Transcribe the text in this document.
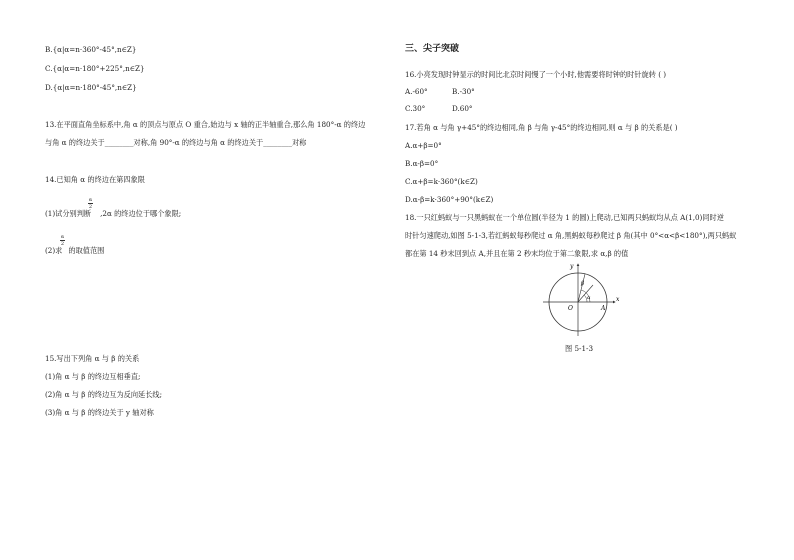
B.{α|α=n·360°-45°,n∈Z}
C.{α|α=n·180°+225°,n∈Z}
D.{α|α=n·180°-45°,n∈Z}
13.在平面直角坐标系中,角 α 的顶点与原点 O 重合,始边与 x 轴的正半轴重合,那么角 180°-α 的终边
与角 α 的终边关于________对称,角 90°-α 的终边与角 α 的终边关于________对称
14.已知角 α 的终边在第四象限
(1)试分别判断 ,2α 的终边位于哪个象限;
α
2
(2)求 的取值范围
α
2
15.写出下列角 α 与 β 的关系
(1)角 α 与 β 的终边互相垂直;
(2)角 α 与 β 的终边互为反向延长线;
(3)角 α 与 β 的终边关于 y 轴对称
三、尖子突破
16.小亮发现时钟显示的时间比北京时间慢了一个小时,他需要将时钟的时针旋转 ( )
A.-60°	B.-30°
C.30°	D.60°
17.若角 α 与角 γ+45°的终边相同,角 β 与角 γ-45°的终边相同,则 α 与 β 的关系是( )
A.α+β=0°
B.α-β=0°
C.α+β=k·360°(k∈Z)
D.α-β=k·360°+90°(k∈Z)
18.一只红蚂蚁与一只黑蚂蚁在一个单位圆(半径为 1 的圆)上爬动,已知两只蚂蚁均从点 A(1,0)同时逆
时针匀速爬动,如图 5-1-3,若红蚂蚁每秒爬过 α 角,黑蚂蚁每秒爬过 β 角(其中 0°<α<β<180°),两只蚂蚁
都在第 14 秒末回到点 A,并且在第 2 秒末均位于第二象限,求 α,β 的值
y
x
O	A
β
α
图 5-1-3
